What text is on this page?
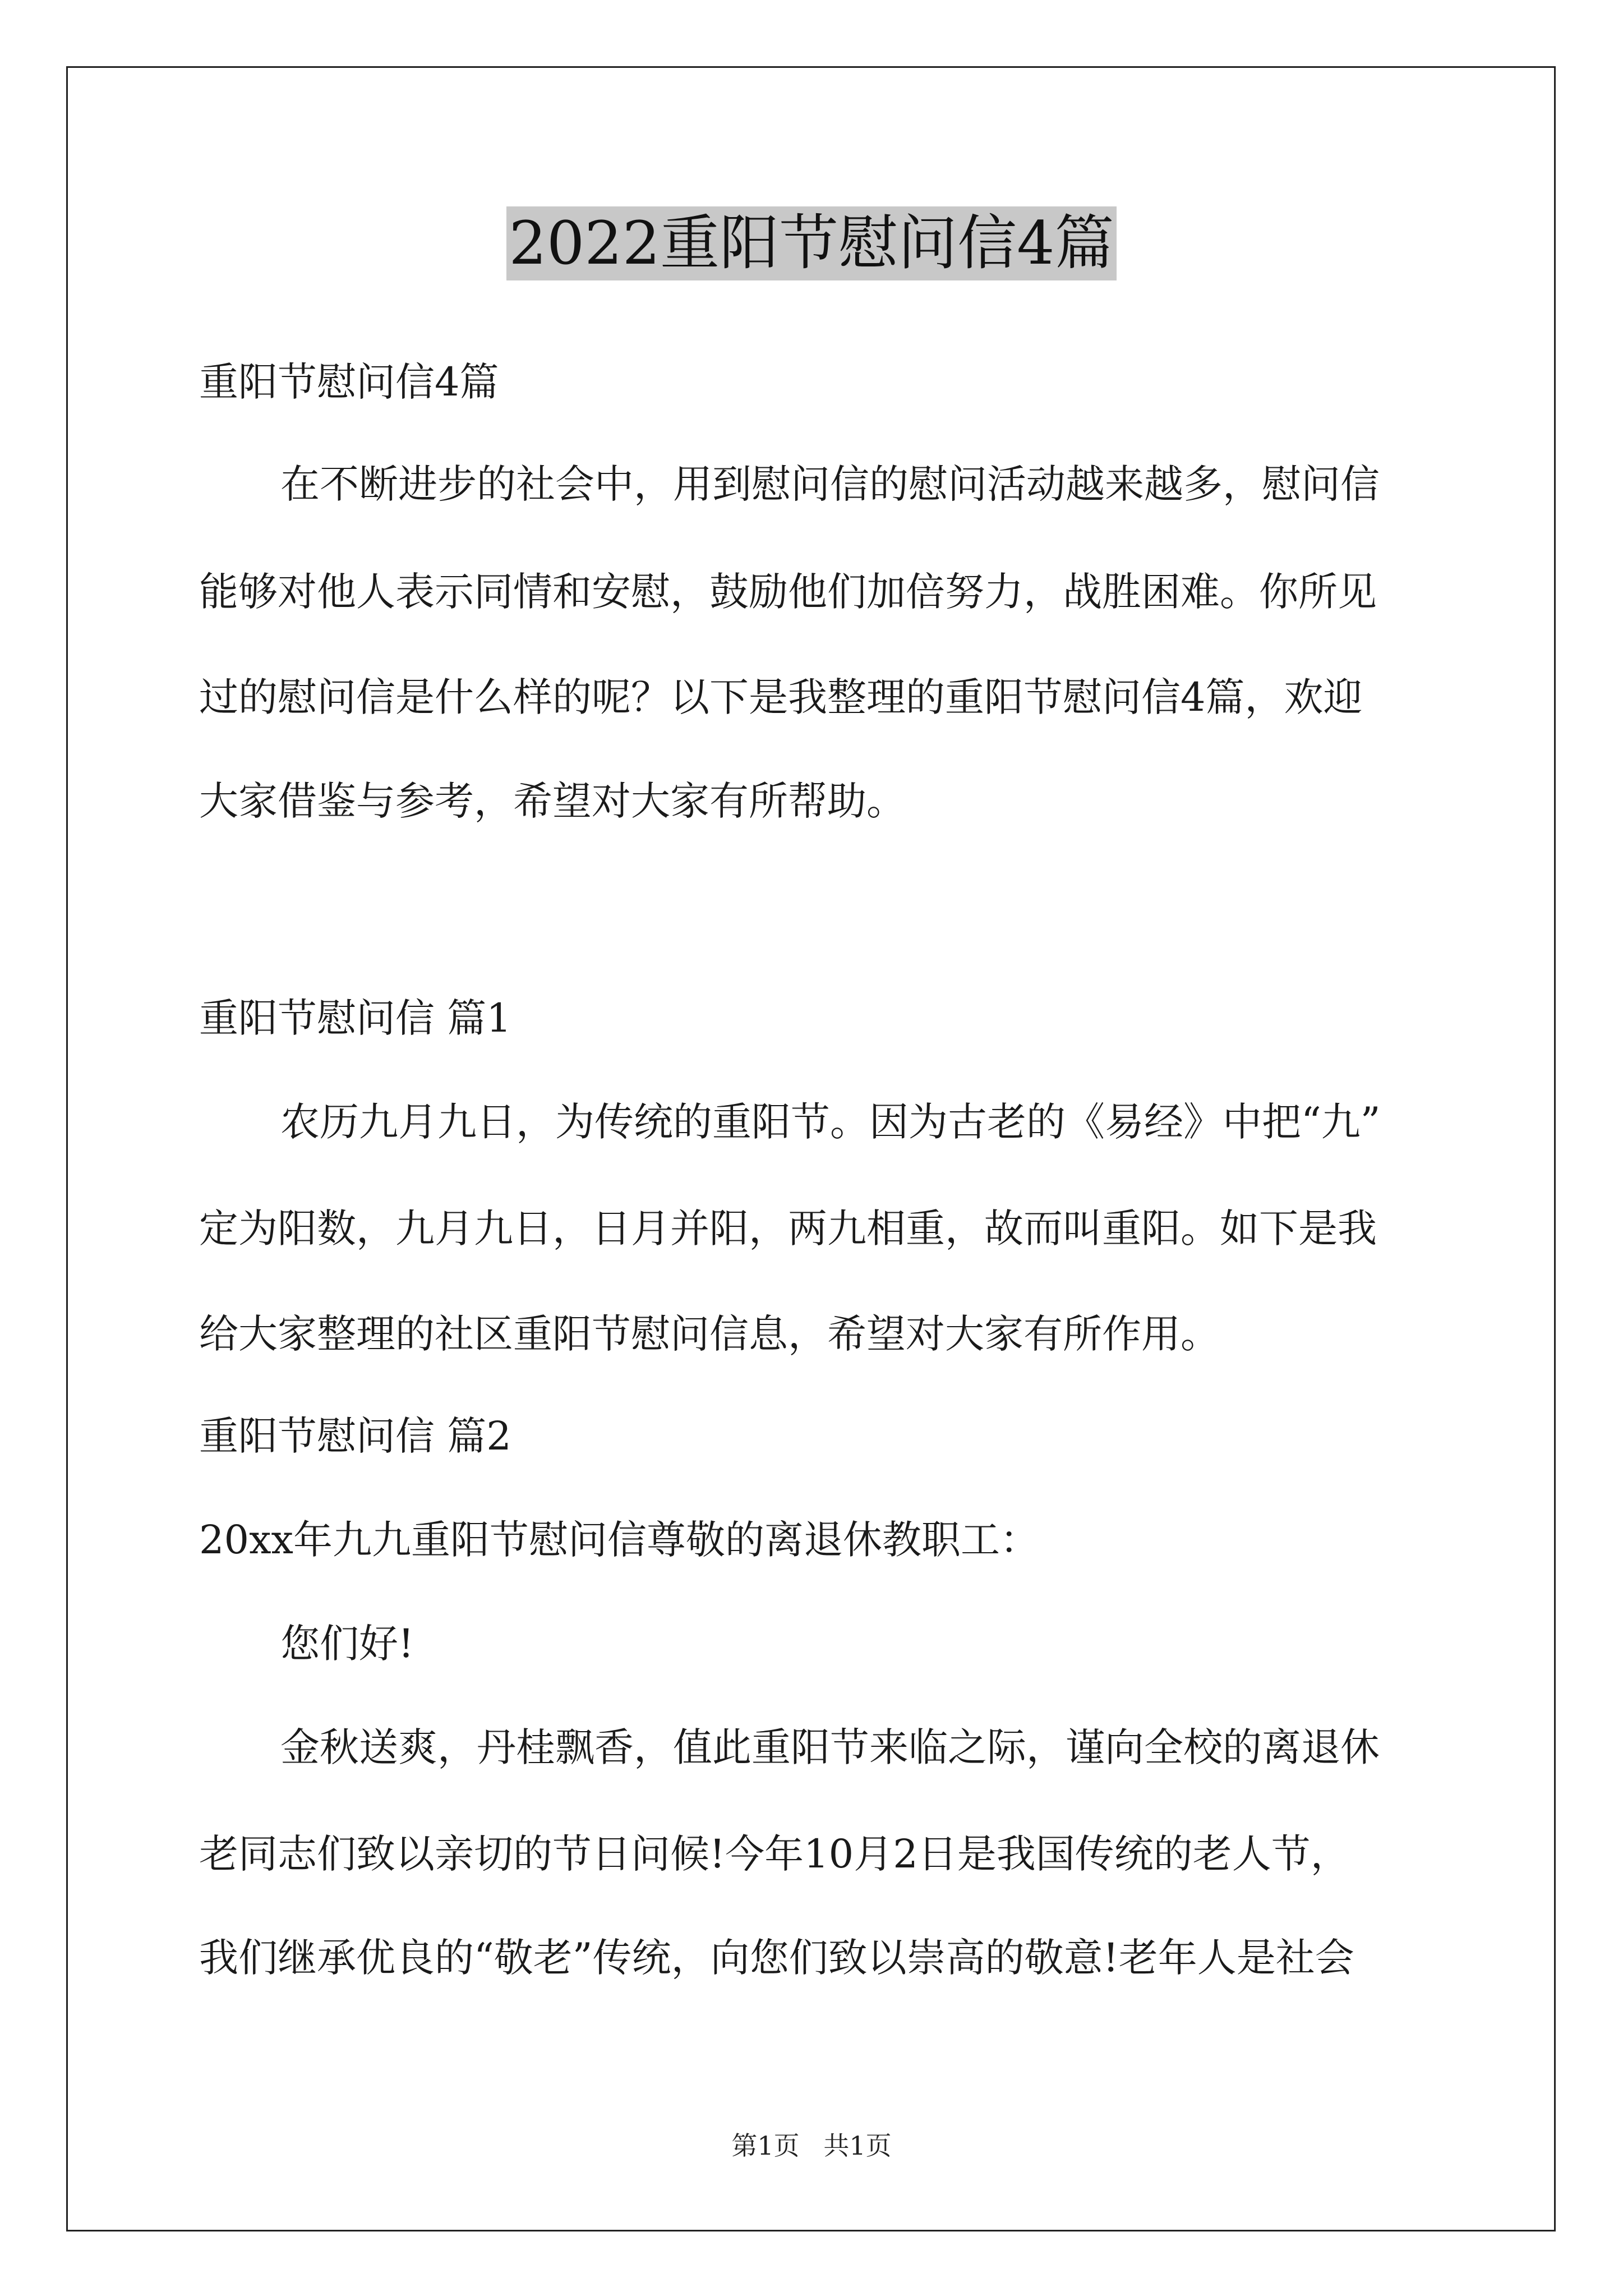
2022重阳节慰问信4篇
重阳节慰问信4篇
在不断进步的社会中，用到慰问信的慰问活动越来越多，慰问信
能够对他人表示同情和安慰，鼓励他们加倍努力，战胜困难。你所见
过的慰问信是什么样的呢？以下是我整理的重阳节慰问信4篇，欢迎
大家借鉴与参考，希望对大家有所帮助。
重阳节慰问信 篇1
农历九月九日，为传统的重阳节。因为古老的《易经》中把“九”
定为阳数，九月九日，日月并阳，两九相重，故而叫重阳。如下是我
给大家整理的社区重阳节慰问信息，希望对大家有所作用。
重阳节慰问信 篇2
20xx年九九重阳节慰问信尊敬的离退休教职工：
您们好!
金秋送爽，丹桂飘香，值此重阳节来临之际，谨向全校的离退休
老同志们致以亲切的节日问候!今年10月2日是我国传统的老人节，
我们继承优良的“敬老”传统，向您们致以崇高的敬意!老年人是社会
第1页 共1页
